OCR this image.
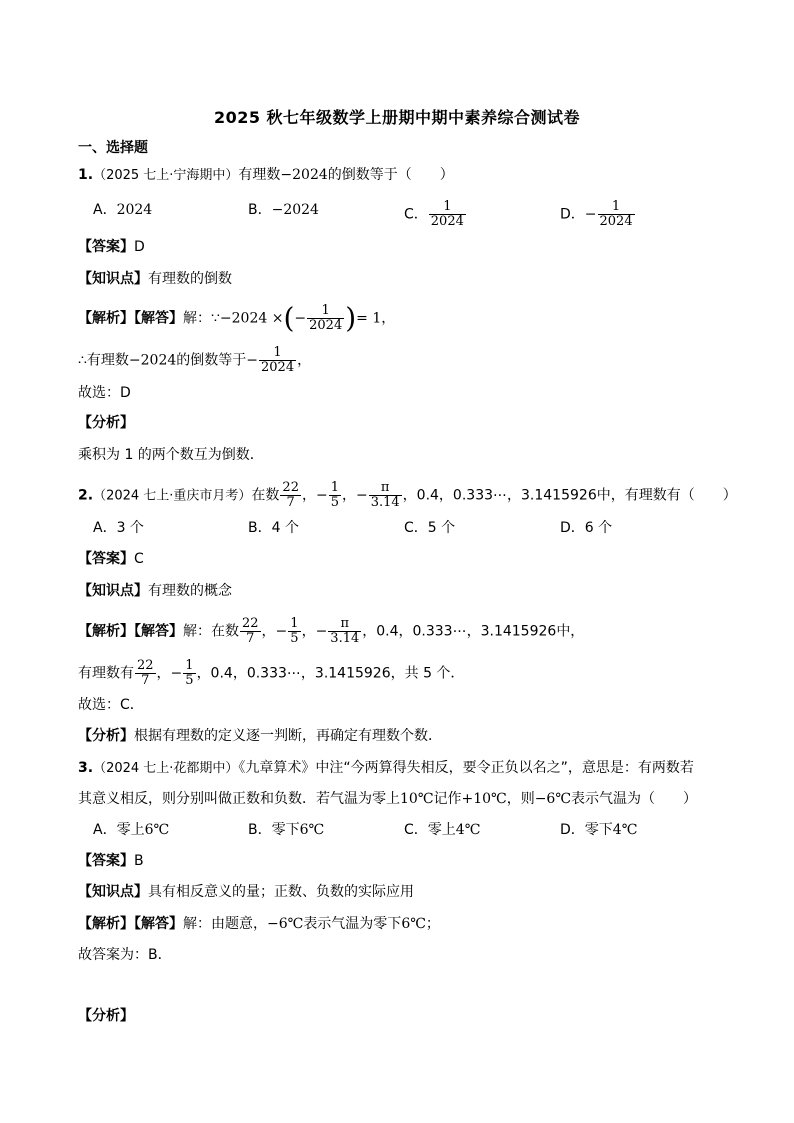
2025 秋七年级数学上册期中期中素养综合测试卷
一、选择题
1.（2025 七上·宁海期中）有理数−2024的倒数等于（　　）
A．2024	B．−2024	C． $\frac{1}{2024}$	D．− $\frac{1}{2024}$
【答案】D
【知识点】有理数的倒数
【解析】【解答】解：∵−2024 ×(− $\frac{1}{2024}$ )= 1，
∴有理数−2024的倒数等于− $\frac{1}{2024}$ ，
故选：D
【分析】
乘积为 1 的两个数互为倒数．
2.（2024 七上·重庆市月考）在数 $\frac{22}{7}$ ，− $\frac{1}{5}$ ，− $\frac{\pi}{3.14}$ ，0.4，0.333⋯，3.1415926中，有理数有（　　）
A．3 个	B．4 个	C．5 个	D．6 个
【答案】C
【知识点】有理数的概念
【解析】【解答】解：在数 $\frac{22}{7}$ ，− $\frac{1}{5}$ ，− $\frac{\pi}{3.14}$ ，0.4，0.333⋯，3.1415926中，
有理数有 $\frac{22}{7}$ ，− $\frac{1}{5}$ ，0.4，0.333⋯，3.1415926，共 5 个．
故选：C．
【分析】根据有理数的定义逐一判断，再确定有理数个数．
3.（2024 七上·花都期中）《九章算术》中注“今两算得失相反，要令正负以名之”，意思是：有两数若
其意义相反，则分别叫做正数和负数．若气温为零上10℃记作+10℃，则−6℃表示气温为（　　）
A．零上6℃	B．零下6℃	C．零上4℃	D．零下4℃
【答案】B
【知识点】具有相反意义的量；正数、负数的实际应用
【解析】【解答】解：由题意，−6℃表示气温为零下6℃；
故答案为：B．
【分析】
